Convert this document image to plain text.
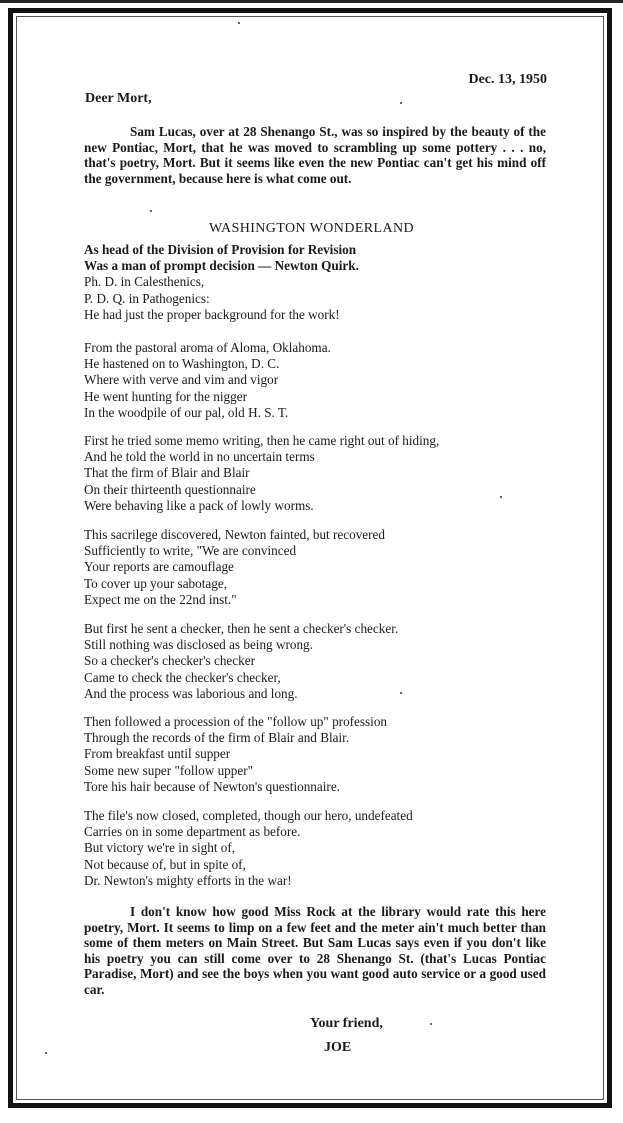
Dec. 13, 1950
Deer Mort,
Sam Lucas, over at 28 Shenango St., was so inspired by the beauty of the new Pontiac, Mort, that he was moved to scrambling up some pottery . . . no, that's poetry, Mort. But it seems like even the new Pontiac can't get his mind off the government, because here is what come out.
WASHINGTON WONDERLAND
As head of the Division of Provision for Revision
Was a man of prompt decision — Newton Quirk.
Ph. D. in Calesthenics,
P. D. Q. in Pathogenics:
He had just the proper background for the work!
From the pastoral aroma of Aloma, Oklahoma.
He hastened on to Washington, D. C.
Where with verve and vim and vigor
He went hunting for the nigger
In the woodpile of our pal, old H. S. T.
First he tried some memo writing, then he came right out of hiding,
And he told the world in no uncertain terms
That the firm of Blair and Blair
On their thirteenth questionnaire
Were behaving like a pack of lowly worms.
This sacrilege discovered, Newton fainted, but recovered
Sufficiently to write, "We are convinced
Your reports are camouflage
To cover up your sabotage,
Expect me on the 22nd inst."
But first he sent a checker, then he sent a checker's checker.
Still nothing was disclosed as being wrong.
So a checker's checker's checker
Came to check the checker's checker,
And the process was laborious and long.
Then followed a procession of the "follow up" profession
Through the records of the firm of Blair and Blair.
From breakfast until supper
Some new super "follow upper"
Tore his hair because of Newton's questionnaire.
The file's now closed, completed, though our hero, undefeated
Carries on in some department as before.
But victory we're in sight of,
Not because of, but in spite of,
Dr. Newton's mighty efforts in the war!
I don't know how good Miss Rock at the library would rate this here poetry, Mort. It seems to limp on a few feet and the meter ain't much better than some of them meters on Main Street. But Sam Lucas says even if you don't like his poetry you can still come over to 28 Shenango St. (that's Lucas Pontiac Paradise, Mort) and see the boys when you want good auto service or a good used car.
Your friend,
JOE
